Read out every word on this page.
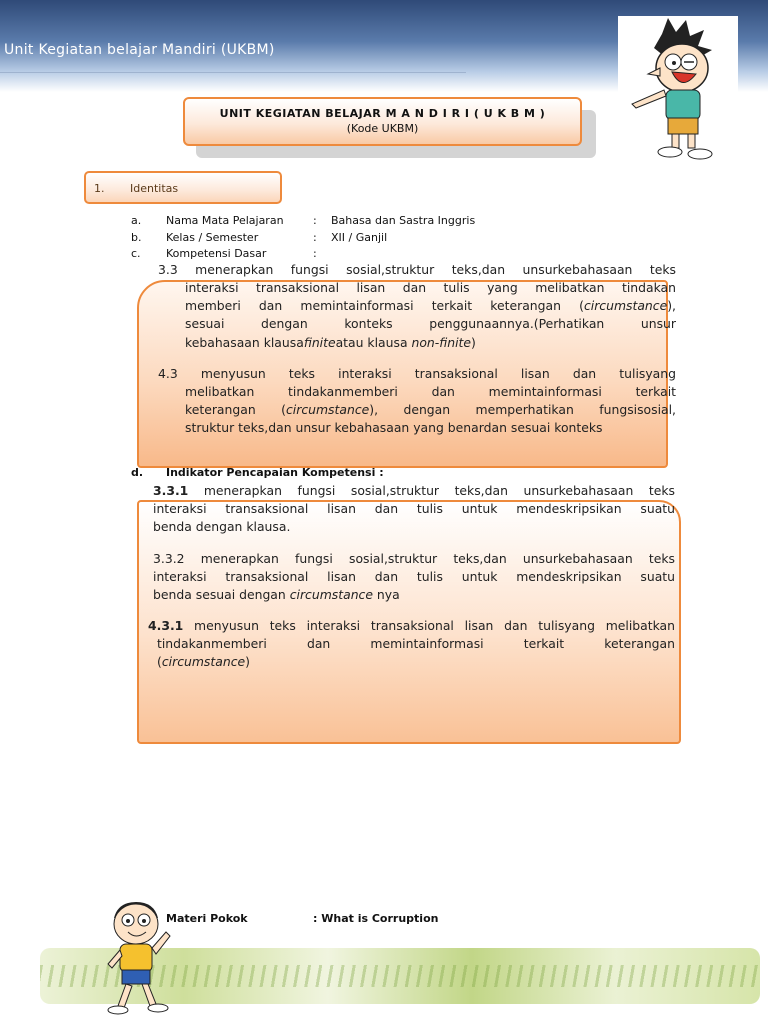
Unit Kegiatan belajar Mandiri (UKBM)
UNIT KEGIATAN BELAJAR M A N D I R I ( U K B M )
(Kode UKBM)
1. Identitas
a. Nama Mata Pelajaran	: Bahasa dan Sastra Inggris
b. Kelas / Semester	: XII / Ganjil
c. Kompetensi Dasar	:
3.3 menerapkan fungsi sosial,struktur teks,dan unsurkebahasaan teks
interaksi transaksional lisan dan tulis yang melibatkan tindakan
memberi dan memintainformasi terkait keterangan (circumstance),
sesuai dengan konteks penggunaannya.(Perhatikan unsur
kebahasaan klausafiniteatau klausa non-finite)
4.3 menyusun teks interaksi transaksional lisan dan tulisyang
melibatkan tindakanmemberi dan memintainformasi terkait
keterangan (circumstance), dengan memperhatikan fungsisosial,
struktur teks,dan unsur kebahasaan yang benardan sesuai konteks
d. Indikator Pencapaian Kompetensi :
3.3.1 menerapkan fungsi sosial,struktur teks,dan unsurkebahasaan teks
interaksi transaksional lisan dan tulis untuk mendeskripsikan suatu
benda dengan klausa.
3.3.2 menerapkan fungsi sosial,struktur teks,dan unsurkebahasaan teks
interaksi transaksional lisan dan tulis untuk mendeskripsikan suatu
benda sesuai dengan circumstance nya
4.3.1 menyusun teks interaksi transaksional lisan dan tulisyang melibatkan
tindakanmemberi dan memintainformasi terkait keterangan
(circumstance)
Materi Pokok	: What is Corruption
